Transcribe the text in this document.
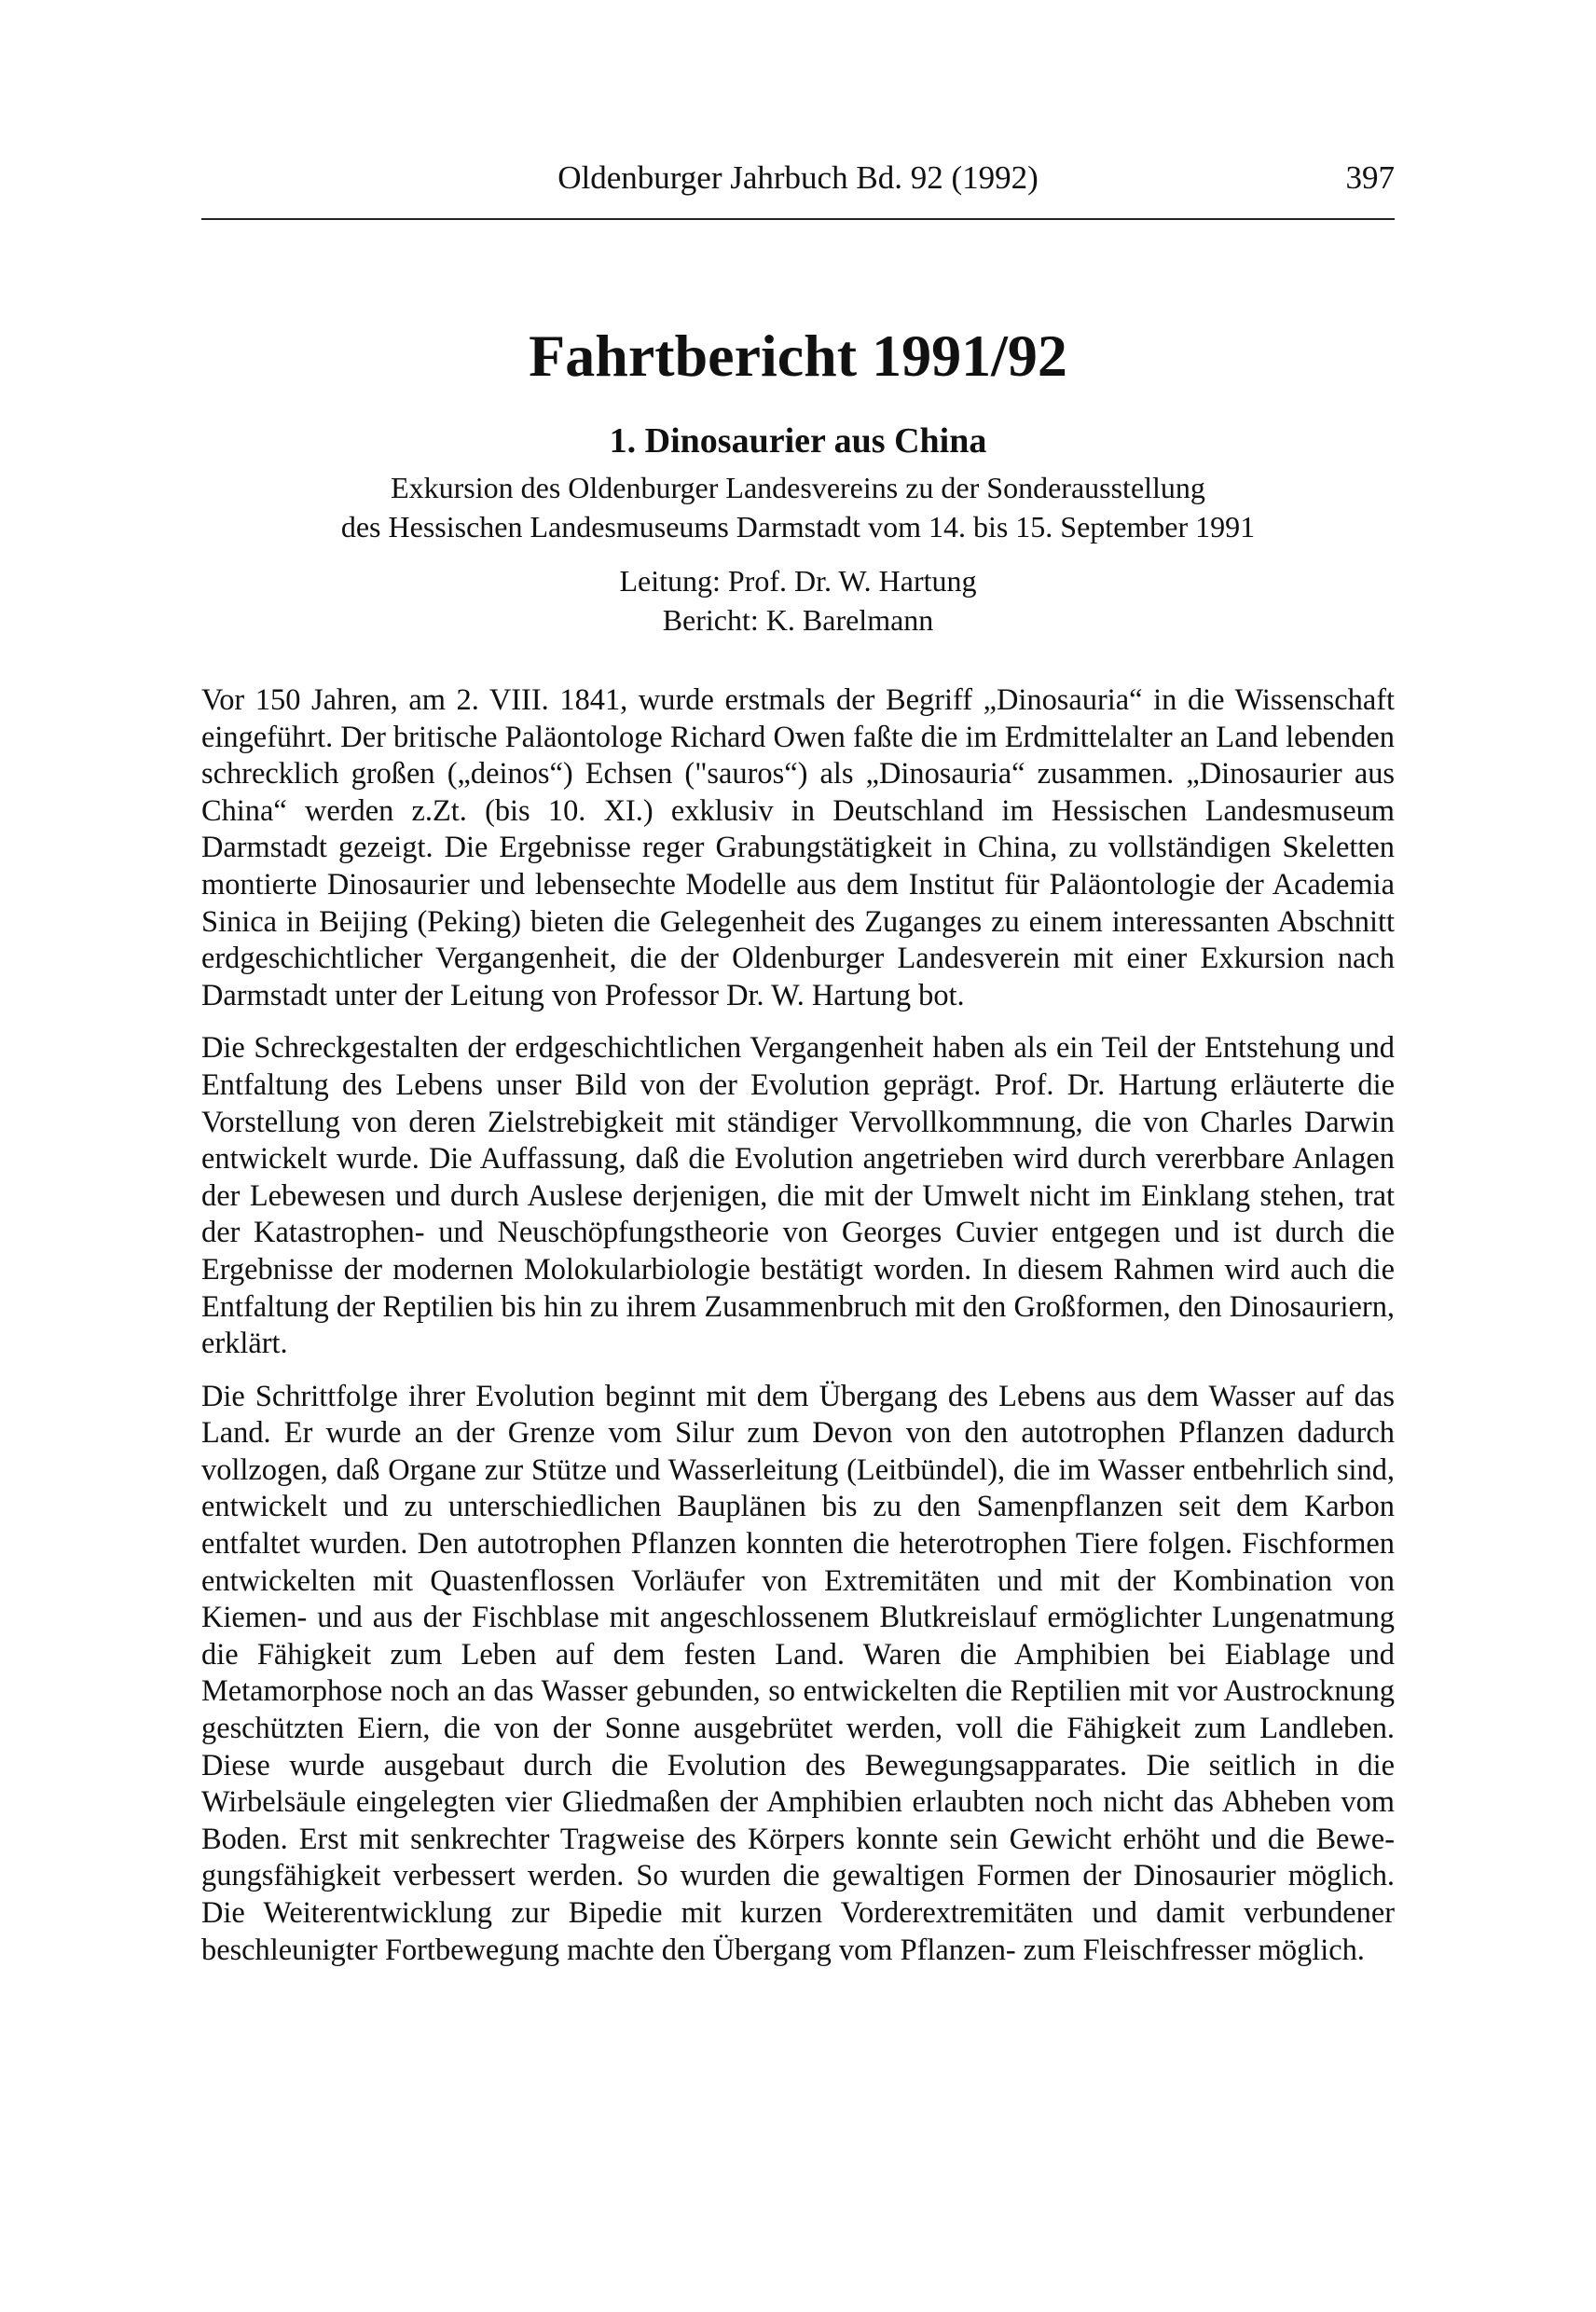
Oldenburger Jahrbuch Bd. 92 (1992)	397
Fahrtbericht 1991/92
1. Dinosaurier aus China
Exkursion des Oldenburger Landesvereins zu der Sonderausstellung
des Hessischen Landesmuseums Darmstadt vom 14. bis 15. September 1991
Leitung: Prof. Dr. W. Hartung
Bericht: K. Barelmann

Vor 150 Jahren, am 2. VIII. 1841, wurde erstmals der Begriff „Dinosauria“ in die Wissenschaft eingeführt. Der britische Paläontologe Richard Owen faßte die im Erdmittelalter an Land lebenden schrecklich großen („deinos“) Echsen ("sauros“) als „Dinosauria“ zusammen. „Dinosaurier aus China“ werden z.Zt. (bis 10. XI.) exklusiv in Deutschland im Hessischen Landesmuseum Darmstadt gezeigt. Die Ergebnisse reger Grabungstätigkeit in China, zu vollständigen Skeletten montierte Dinosaurier und lebensechte Modelle aus dem Institut für Paläontologie der Academia Sinica in Beijing (Peking) bieten die Gelegenheit des Zuganges zu einem interessanten Abschnitt erdgeschichtlicher Vergangenheit, die der Oldenburger Landesverein mit einer Exkursion nach Darmstadt unter der Leitung von Professor Dr. W. Hartung bot.

Die Schreckgestalten der erdgeschichtlichen Vergangenheit haben als ein Teil der Entstehung und Entfaltung des Lebens unser Bild von der Evolution geprägt. Prof. Dr. Hartung erläuterte die Vorstellung von deren Zielstrebigkeit mit ständiger Vervollkommnung, die von Charles Darwin entwickelt wurde. Die Auffassung, daß die Evolution angetrieben wird durch vererbbare Anlagen der Lebewesen und durch Auslese derjenigen, die mit der Umwelt nicht im Einklang stehen, trat der Katastrophen- und Neuschöpfungstheorie von Georges Cuvier entgegen und ist durch die Ergebnisse der modernen Molokularbiologie bestätigt worden. In diesem Rahmen wird auch die Entfaltung der Reptilien bis hin zu ihrem Zusammenbruch mit den Großformen, den Dinosauriern, erklärt.

Die Schrittfolge ihrer Evolution beginnt mit dem Übergang des Lebens aus dem Wasser auf das Land. Er wurde an der Grenze vom Silur zum Devon von den autotrophen Pflanzen dadurch vollzogen, daß Organe zur Stütze und Wasserleitung (Leitbündel), die im Wasser entbehrlich sind, entwickelt und zu unterschiedlichen Bauplänen bis zu den Samenpflanzen seit dem Karbon entfaltet wurden. Den autotrophen Pflanzen konnten die heterotrophen Tiere folgen. Fischformen entwickelten mit Quastenflossen Vorläufer von Extremitäten und mit der Kombination von Kiemen- und aus der Fischblase mit angeschlossenem Blutkreislauf ermöglichter Lungenatmung die Fähigkeit zum Leben auf dem festen Land. Waren die Amphibien bei Eiablage und Metamorphose noch an das Wasser gebunden, so entwickelten die Reptilien mit vor Austrocknung geschützten Eiern, die von der Sonne ausgebrütet werden, voll die Fähigkeit zum Landleben. Diese wurde ausgebaut durch die Evolution des Bewegungsapparates. Die seitlich in die Wirbelsäule eingelegten vier Gliedmaßen der Amphibien erlaubten noch nicht das Abheben vom Boden. Erst mit senkrechter Tragweise des Körpers konnte sein Gewicht erhöht und die Bewegungsfähigkeit verbessert werden. So wurden die gewaltigen Formen der Dinosaurier möglich. Die Weiterentwicklung zur Bipedie mit kurzen Vorderextremitäten und damit verbundener beschleunigter Fortbewegung machte den Übergang vom Pflanzen- zum Fleischfresser möglich.
